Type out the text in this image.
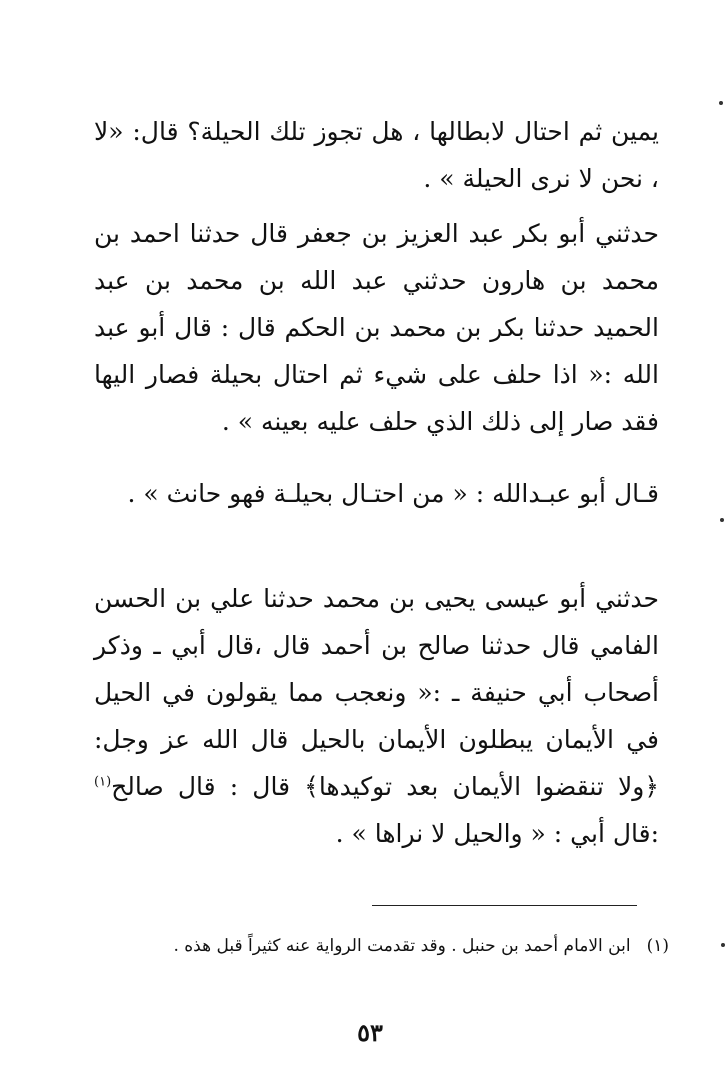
يمين ثم احتال لابطالها ، هل تجوز تلك الحيلة؟ قال: «لا ، نحن لا نرى الحيلة » .

حدثني أبو بكر عبد العزيز بن جعفر قال حدثنا احمد بن محمد بن هارون حدثني عبد الله بن محمد بن عبد الحميد حدثنا بكر بن محمد بن الحكم قال : قال أبو عبد الله :« اذا حلف على شيء ثم احتال بحيلة فصار اليها فقد صار إلى ذلك الذي حلف عليه بعينه » .

قـال أبو عبـدالله : « من احتـال بحيلـة فهو حانث » .

حدثني أبو عيسى يحيى بن محمد حدثنا علي بن الحسن الفامي قال حدثنا صالح بن أحمد قال ،قال أبي ـ وذكر أصحاب أبي حنيفة ـ :« ونعجب مما يقولون في الحيل في الأيمان يبطلون الأيمان بالحيل قال الله عز وجل:﴿ولا تنقضوا الأيمان بعد توكيدها﴾ قال : قال صالح$^{(١)}$ :قال أبي : « والحيل لا نراها » .

(١)ابن الامام أحمد بن حنبل . وقد تقدمت الرواية عنه كثيراً قبل هذه .

٥٣
